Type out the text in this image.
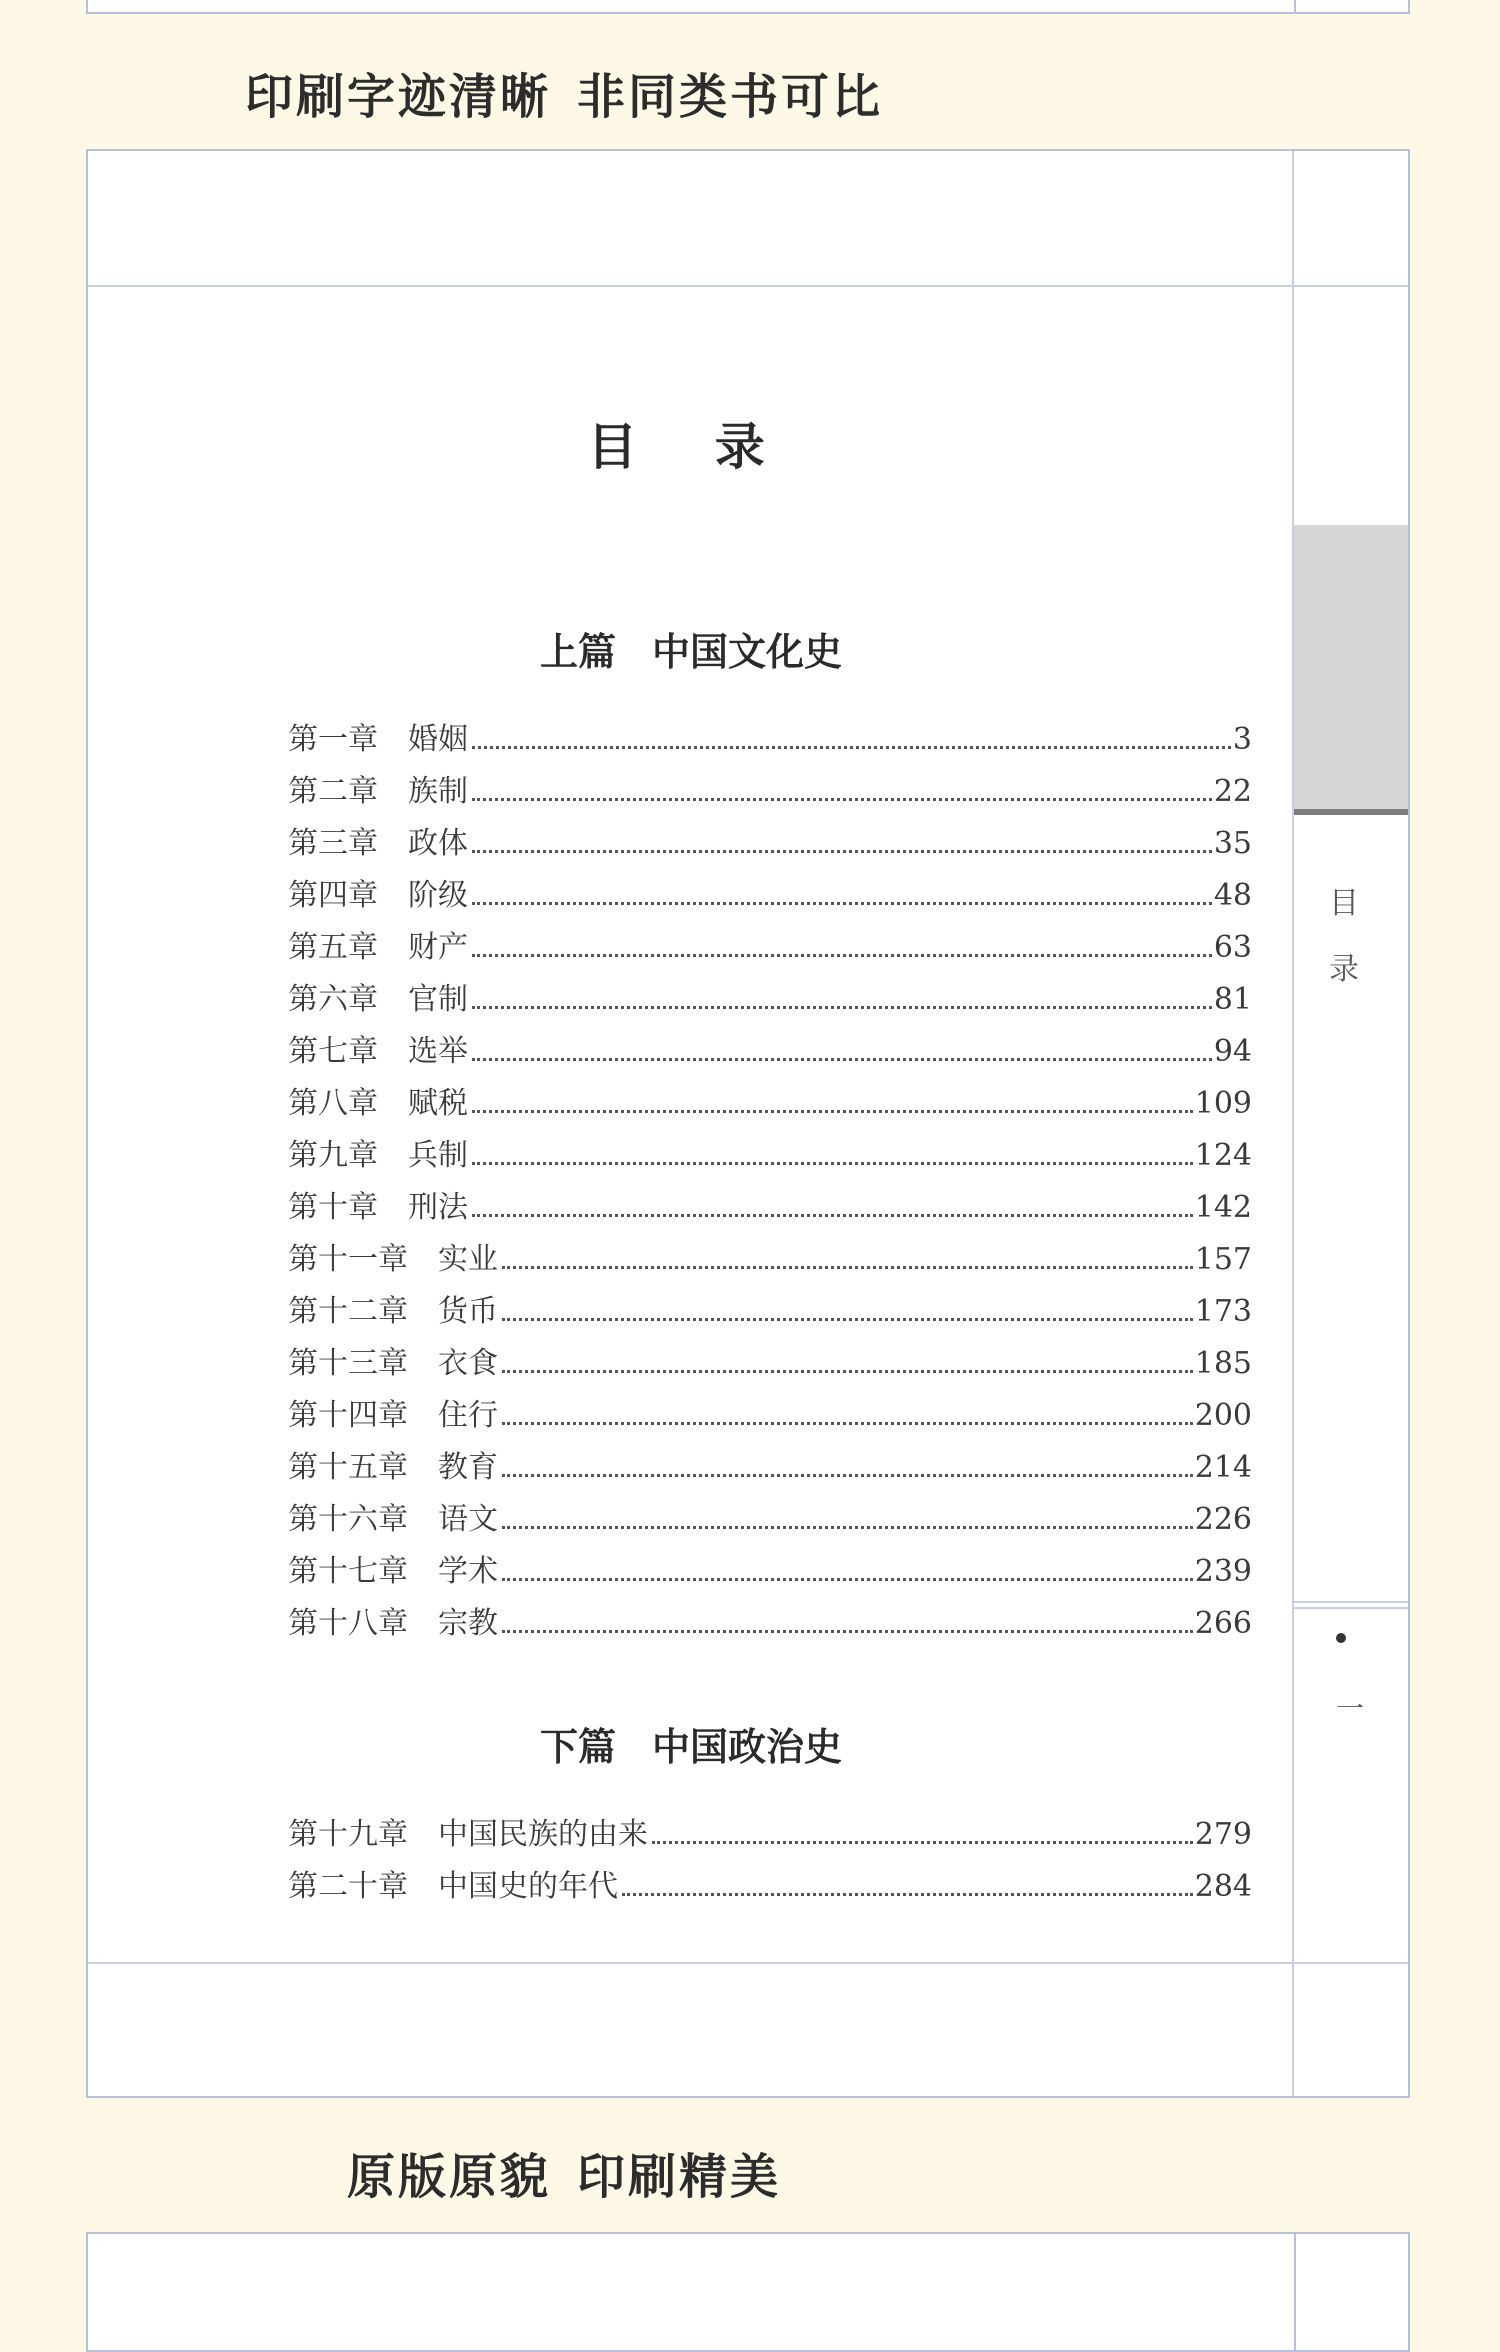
印刷字迹清晰 非同类书可比
目
录
一
目 录
上篇 中国文化史
第一章 婚姻	3
第二章 族制	22
第三章 政体	35
第四章 阶级	48
第五章 财产	63
第六章 官制	81
第七章 选举	94
第八章 赋税	109
第九章 兵制	124
第十章 刑法	142
第十一章 实业	157
第十二章 货币	173
第十三章 衣食	185
第十四章 住行	200
第十五章 教育	214
第十六章 语文	226
第十七章 学术	239
第十八章 宗教	266
下篇 中国政治史
第十九章 中国民族的由来	279
第二十章 中国史的年代	284
原版原貌 印刷精美
